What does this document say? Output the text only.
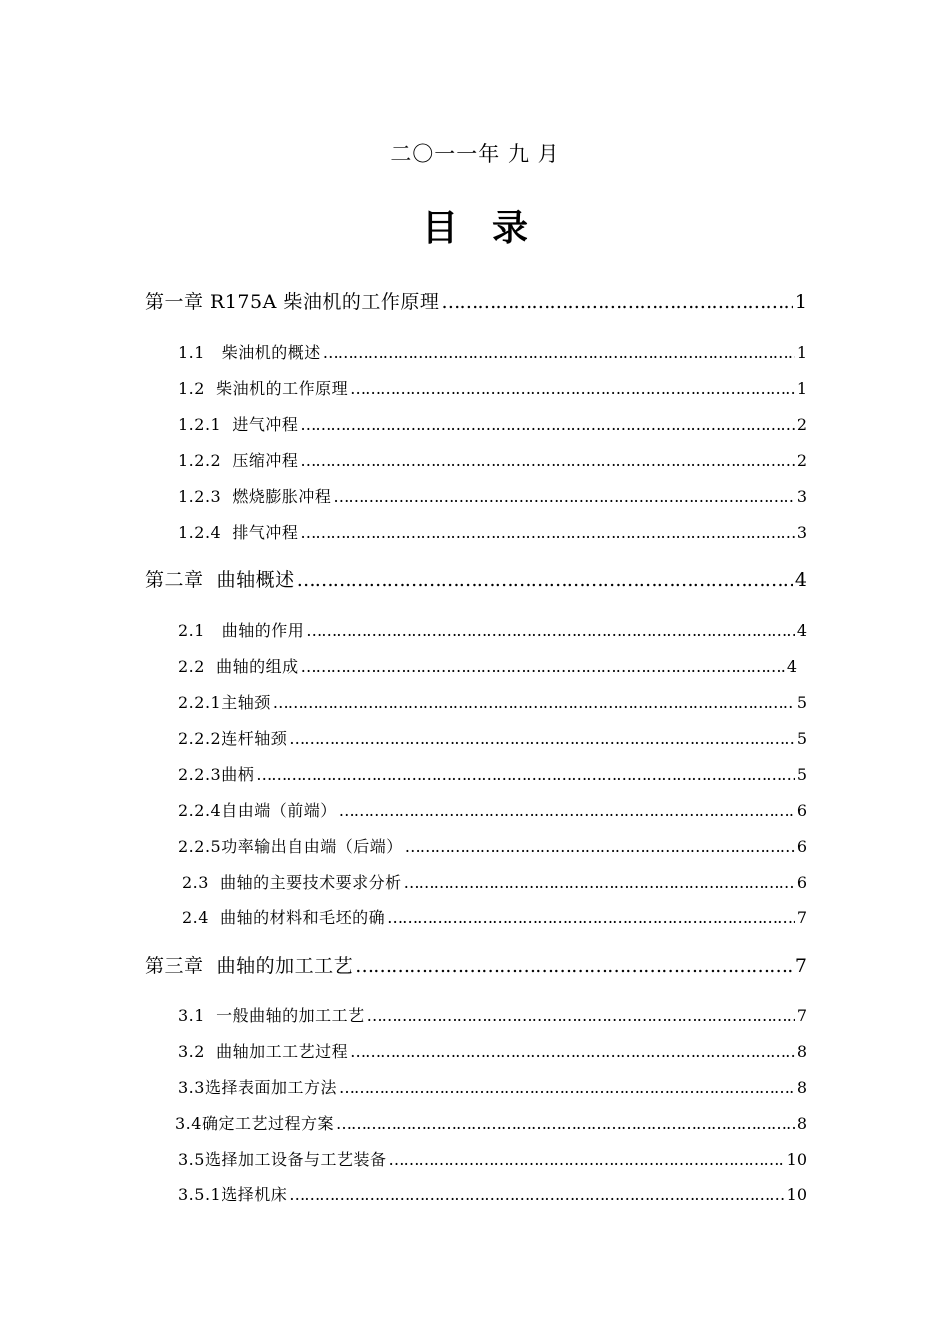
二〇一一年 九 月
目录
第一章 R175A 柴油机的工作原理 ………………………………………………………………………………………………………………………………………………………………………………………………	1
1.1   柴油机的概述 ………………………………………………………………………………………………………………………………………………………………………………………………	1
1.2  柴油机的工作原理 ………………………………………………………………………………………………………………………………………………………………………………………………	1
1.2.1  进气冲程 ………………………………………………………………………………………………………………………………………………………………………………………………	2
1.2.2  压缩冲程 ………………………………………………………………………………………………………………………………………………………………………………………………	2
1.2.3  燃烧膨胀冲程 ………………………………………………………………………………………………………………………………………………………………………………………………	3
1.2.4  排气冲程 ………………………………………………………………………………………………………………………………………………………………………………………………	3
第二章  曲轴概述 ………………………………………………………………………………………………………………………………………………………………………………………………	4
2.1   曲轴的作用 ………………………………………………………………………………………………………………………………………………………………………………………………	4
2.2  曲轴的组成 ………………………………………………………………………………………………………………………………………………………………………………………………	4
2.2.1主轴颈 ………………………………………………………………………………………………………………………………………………………………………………………………	5
2.2.2连杆轴颈 ………………………………………………………………………………………………………………………………………………………………………………………………	5
2.2.3曲柄 ………………………………………………………………………………………………………………………………………………………………………………………………	5
2.2.4自由端（前端） ………………………………………………………………………………………………………………………………………………………………………………………………	6
2.2.5功率输出自由端（后端） ………………………………………………………………………………………………………………………………………………………………………………………………	6
2.3  曲轴的主要技术要求分析 ………………………………………………………………………………………………………………………………………………………………………………………………	6
2.4  曲轴的材料和毛坯的确 ………………………………………………………………………………………………………………………………………………………………………………………………	7
第三章  曲轴的加工工艺 ………………………………………………………………………………………………………………………………………………………………………………………………	7
3.1  一般曲轴的加工工艺 ………………………………………………………………………………………………………………………………………………………………………………………………	7
3.2  曲轴加工工艺过程 ………………………………………………………………………………………………………………………………………………………………………………………………	8
3.3选择表面加工方法 ………………………………………………………………………………………………………………………………………………………………………………………………	8
3.4确定工艺过程方案 ………………………………………………………………………………………………………………………………………………………………………………………………	8
3.5选择加工设备与工艺装备 ………………………………………………………………………………………………………………………………………………………………………………………………	10
3.5.1选择机床 ………………………………………………………………………………………………………………………………………………………………………………………………	10
